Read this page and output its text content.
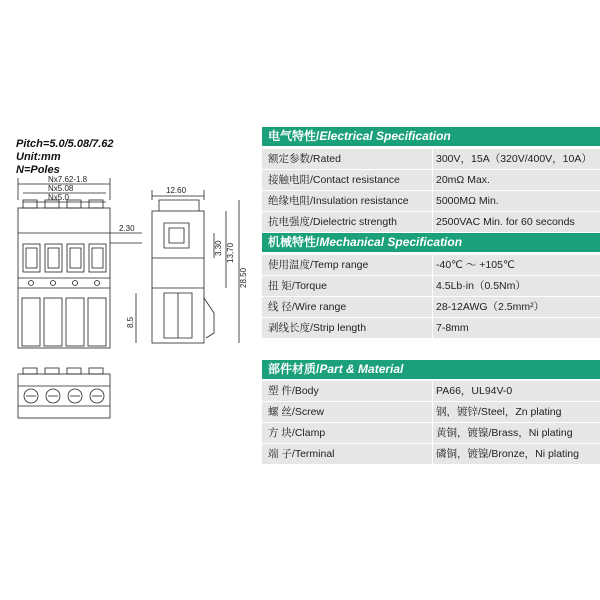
Pitch=5.0/5.08/7.62
Unit:mm
N=Poles
Nx7.62-1.8
Nx5.08
Nx5.0
12.60
2.30
3.30 13,70
28.50
8.5
电气特性/Electrical Specification
额定参数/Rated	300V，15A（320V/400V，10A）
接触电阻/Contact resistance	20mΩ Max.
绝缘电阻/Insulation resistance	5000MΩ Min.
抗电强度/Dielectric strength	2500VAC Min. for 60 seconds
机械特性/Mechanical Specification
使用温度/Temp range	-40℃ ～ +105℃
扭 矩/Torque	4.5Lb·in（0.5Nm）
线 径/Wire range	28-12AWG（2.5mm²）
剥线长度/Strip length	7-8mm
部件材质/Part & Material
塑 件/Body	PA66，UL94V-0
螺 丝/Screw	钢，镀锌/Steel，Zn plating
方 块/Clamp	黄铜，镀镍/Brass，Ni plating
端 子/Terminal	磷铜，镀镍/Bronze，Ni plating
